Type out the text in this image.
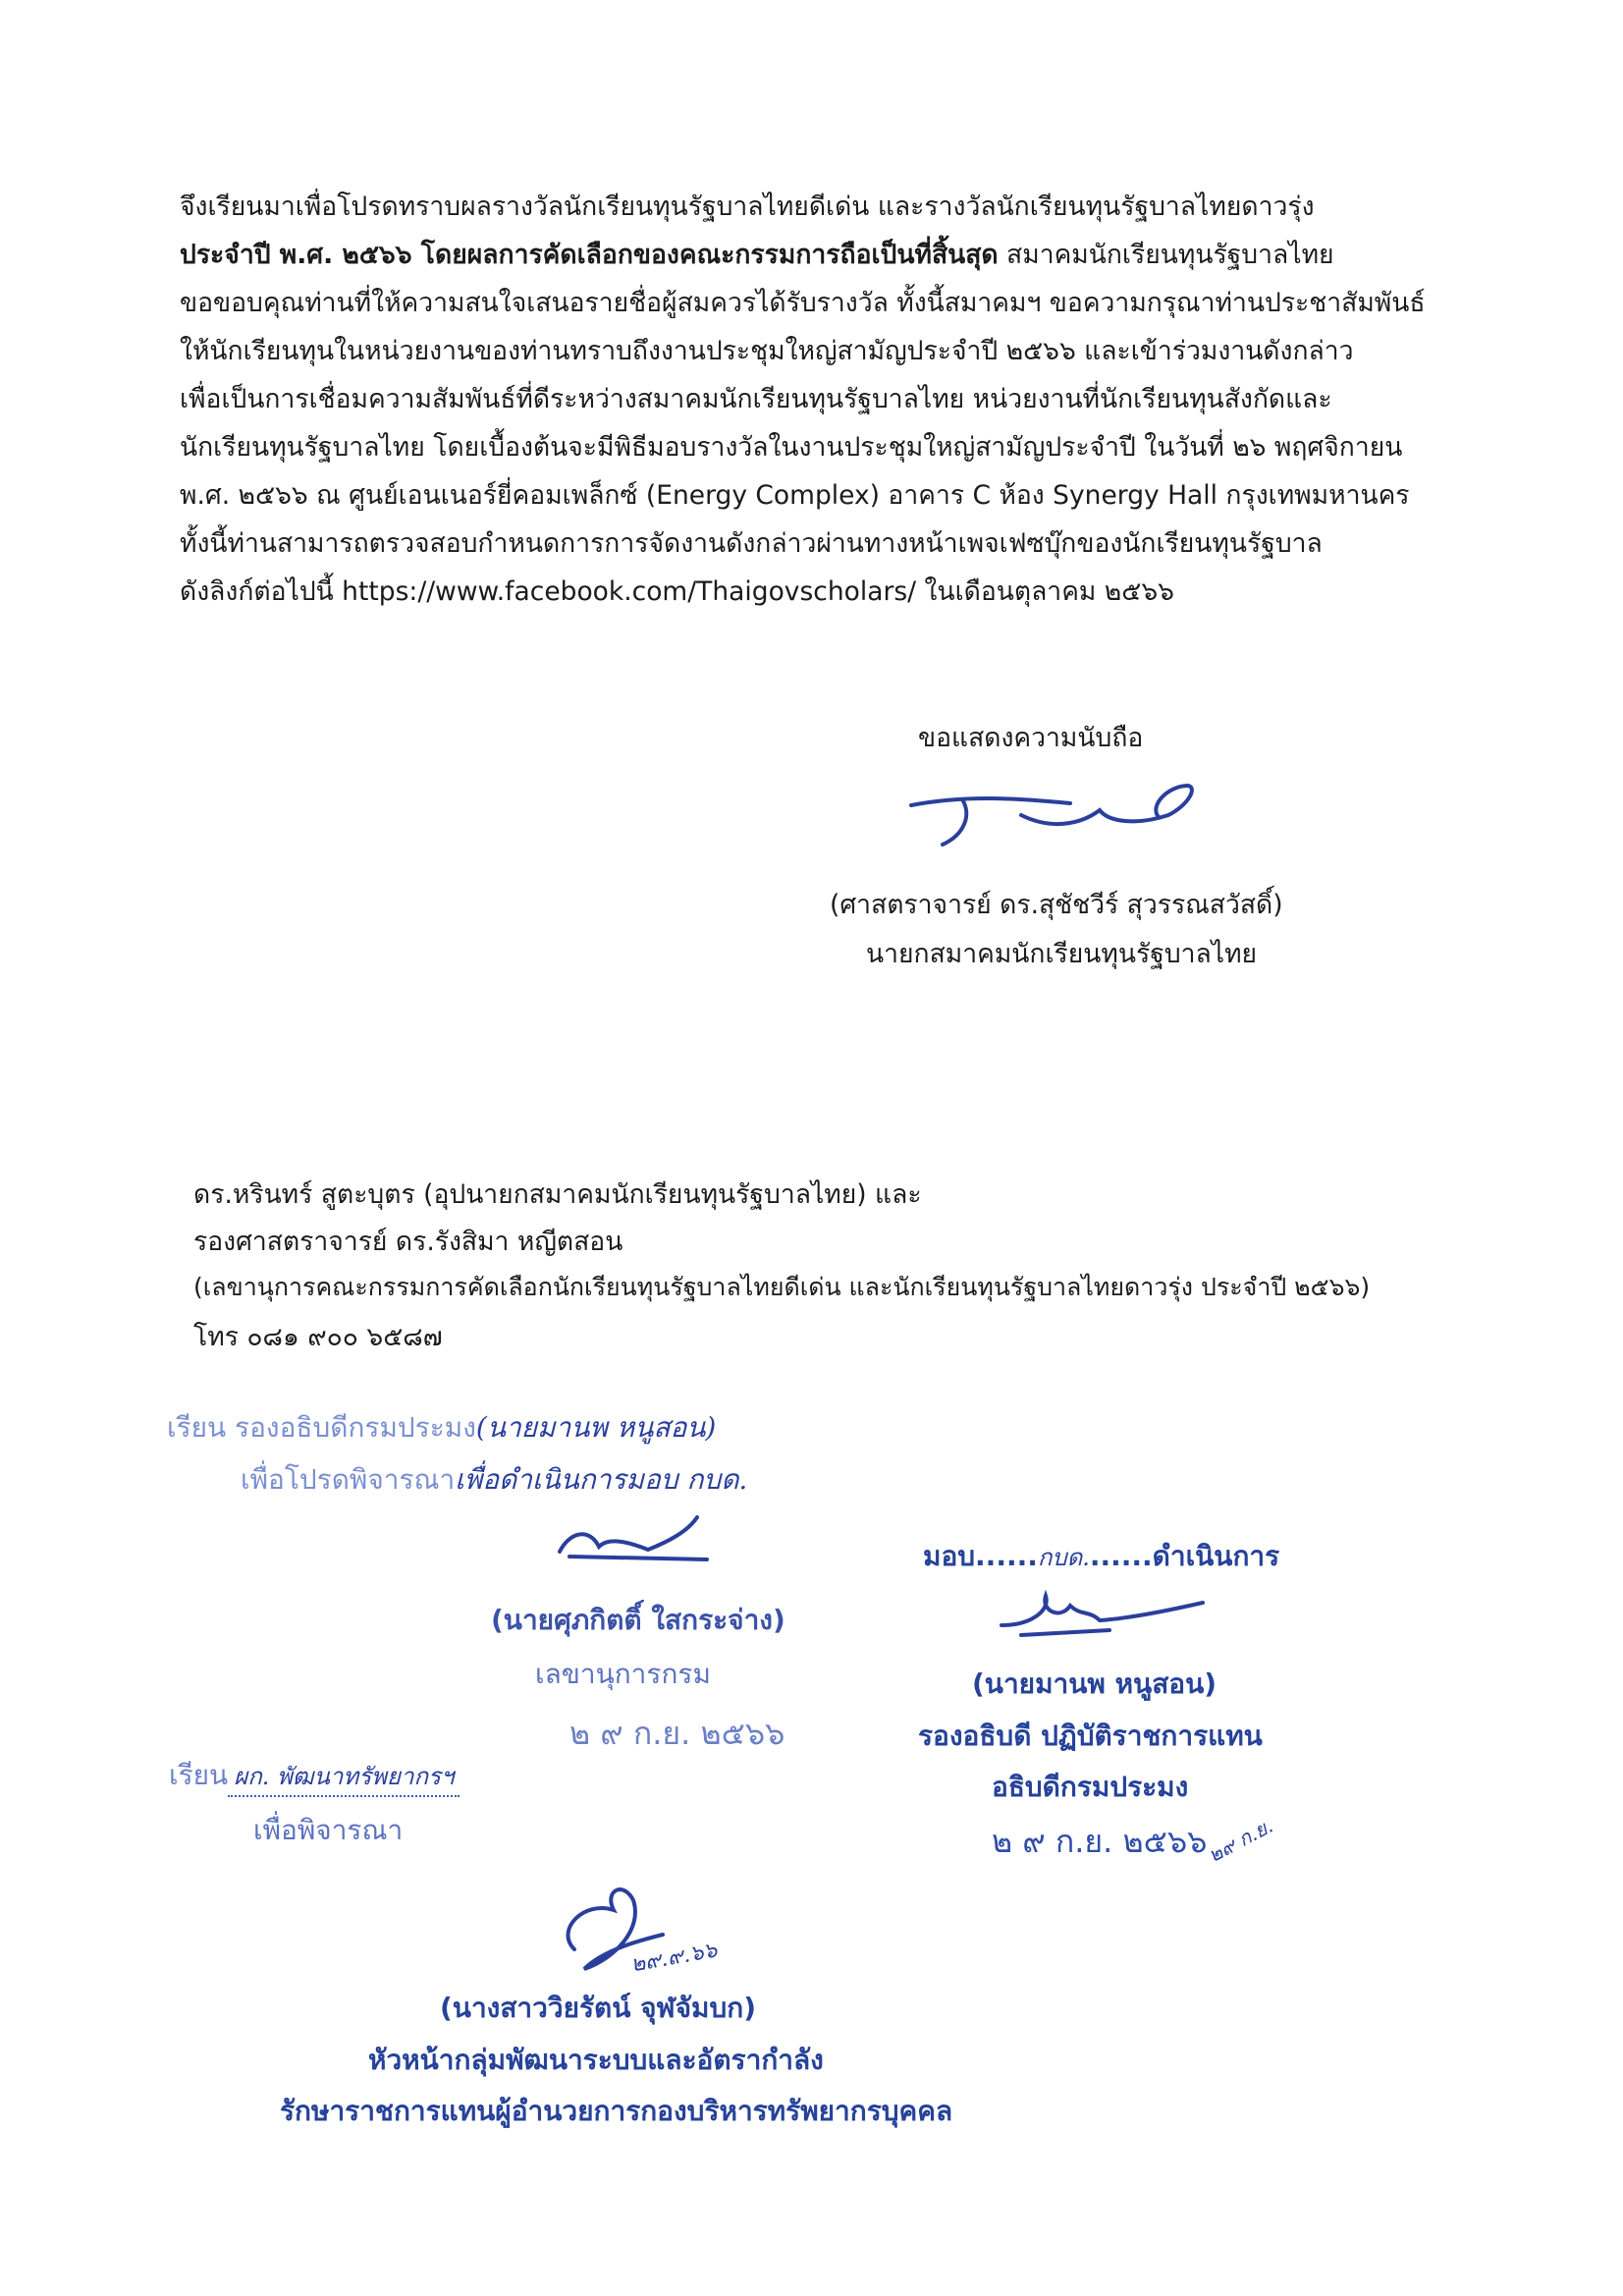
จึงเรียนมาเพื่อโปรดทราบผลรางวัลนักเรียนทุนรัฐบาลไทยดีเด่น และรางวัลนักเรียนทุนรัฐบาลไทยดาวรุ่ง
ประจำปี พ.ศ. ๒๕๖๖ โดยผลการคัดเลือกของคณะกรรมการถือเป็นที่สิ้นสุด สมาคมนักเรียนทุนรัฐบาลไทย
ขอขอบคุณท่านที่ให้ความสนใจเสนอรายชื่อผู้สมควรได้รับรางวัล ทั้งนี้สมาคมฯ ขอความกรุณาท่านประชาสัมพันธ์
ให้นักเรียนทุนในหน่วยงานของท่านทราบถึงงานประชุมใหญ่สามัญประจำปี ๒๕๖๖ และเข้าร่วมงานดังกล่าว
เพื่อเป็นการเชื่อมความสัมพันธ์ที่ดีระหว่างสมาคมนักเรียนทุนรัฐบาลไทย หน่วยงานที่นักเรียนทุนสังกัดและ
นักเรียนทุนรัฐบาลไทย โดยเบื้องต้นจะมีพิธีมอบรางวัลในงานประชุมใหญ่สามัญประจำปี ในวันที่ ๒๖ พฤศจิกายน
พ.ศ. ๒๕๖๖ ณ ศูนย์เอนเนอร์ยี่คอมเพล็กซ์ (Energy Complex) อาคาร C ห้อง Synergy Hall กรุงเทพมหานคร
ทั้งนี้ท่านสามารถตรวจสอบกำหนดการการจัดงานดังกล่าวผ่านทางหน้าเพจเฟซบุ๊กของนักเรียนทุนรัฐบาล
ดังลิงก์ต่อไปนี้ https://www.facebook.com/Thaigovscholars/ ในเดือนตุลาคม ๒๕๖๖
ขอแสดงความนับถือ
(ศาสตราจารย์ ดร.สุชัชวีร์ สุวรรณสวัสดิ์)
นายกสมาคมนักเรียนทุนรัฐบาลไทย
ดร.หรินทร์ สูตะบุตร (อุปนายกสมาคมนักเรียนทุนรัฐบาลไทย) และ
รองศาสตราจารย์ ดร.รังสิมา หญีตสอน
(เลขานุการคณะกรรมการคัดเลือกนักเรียนทุนรัฐบาลไทยดีเด่น และนักเรียนทุนรัฐบาลไทยดาวรุ่ง ประจำปี ๒๕๖๖)
โทร ๐๘๑ ๙๐๐ ๖๕๘๗
เรียน รองอธิบดีกรมประมง(นายมานพ หนูสอน)
เพื่อโปรดพิจารณาเพื่อดำเนินการมอบ กบด.
(นายศุภกิตติ์ ใสกระจ่าง)
เลขานุการกรม
๒ ๙ ก.ย. ๒๕๖๖
มอบ......กบด.......ดำเนินการ
(นายมานพ หนูสอน)
รองอธิบดี ปฏิบัติราชการแทน
อธิบดีกรมประมง
๒ ๙ ก.ย. ๒๕๖๖
๒๙ ก.ย.
เรียน ผก. พัฒนาทรัพยากรฯ
เพื่อพิจารณา
๒๙.๙.๖๖
(นางสาววิยรัตน์ จุฬจัมบก)
หัวหน้ากลุ่มพัฒนาระบบและอัตรากำลัง
รักษาราชการแทนผู้อำนวยการกองบริหารทรัพยากรบุคคล
